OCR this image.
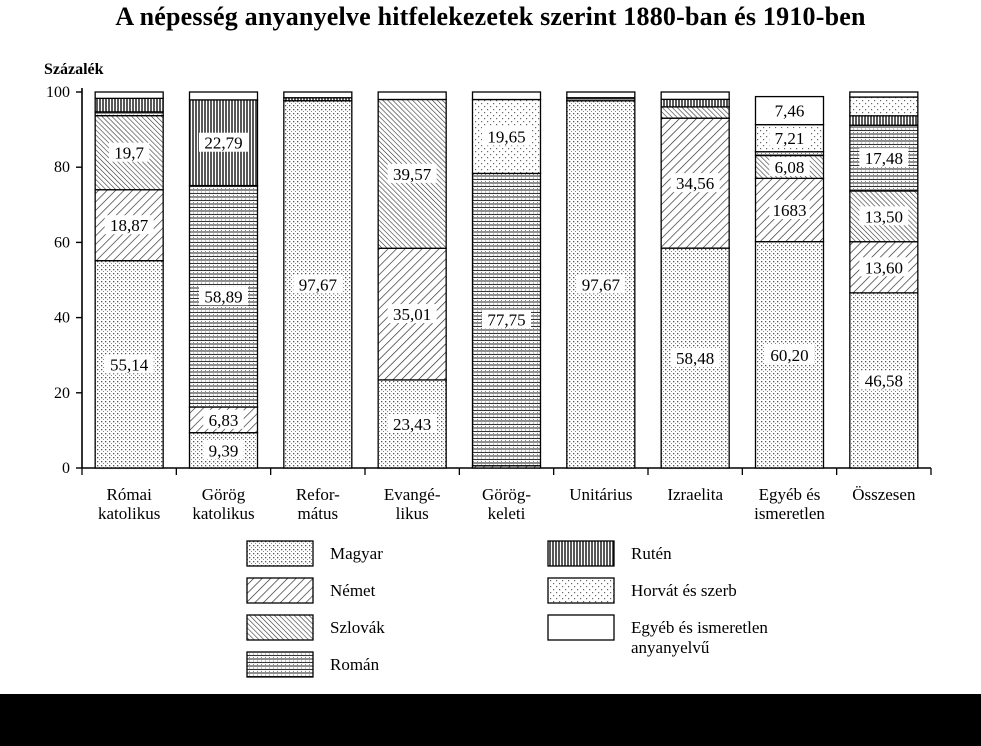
A népesség anyanyelve hitfelekezetek szerint 1880-ban és 1910-ben
Százalék
0
20
40
60
80
100
55,14
18,87
19,7
9,39
6,83
58,89
22,79
97,67
23,43
35,01
39,57
77,75
19,65
97,67
58,48
34,56
60,20
1683
6,08
7,21
7,46
46,58
13,60
13,50
17,48
Római
katolikus
Görög
katolikus
Refor-
mátus
Evangé-
likus
Görög-
keleti
Unitárius Izraelita Egyéb és
ismeretlen
Összesen
Magyar
Német
Szlovák
Román
Rutén
Horvát és szerb
Egyéb és ismeretlen
anyanyelvű
